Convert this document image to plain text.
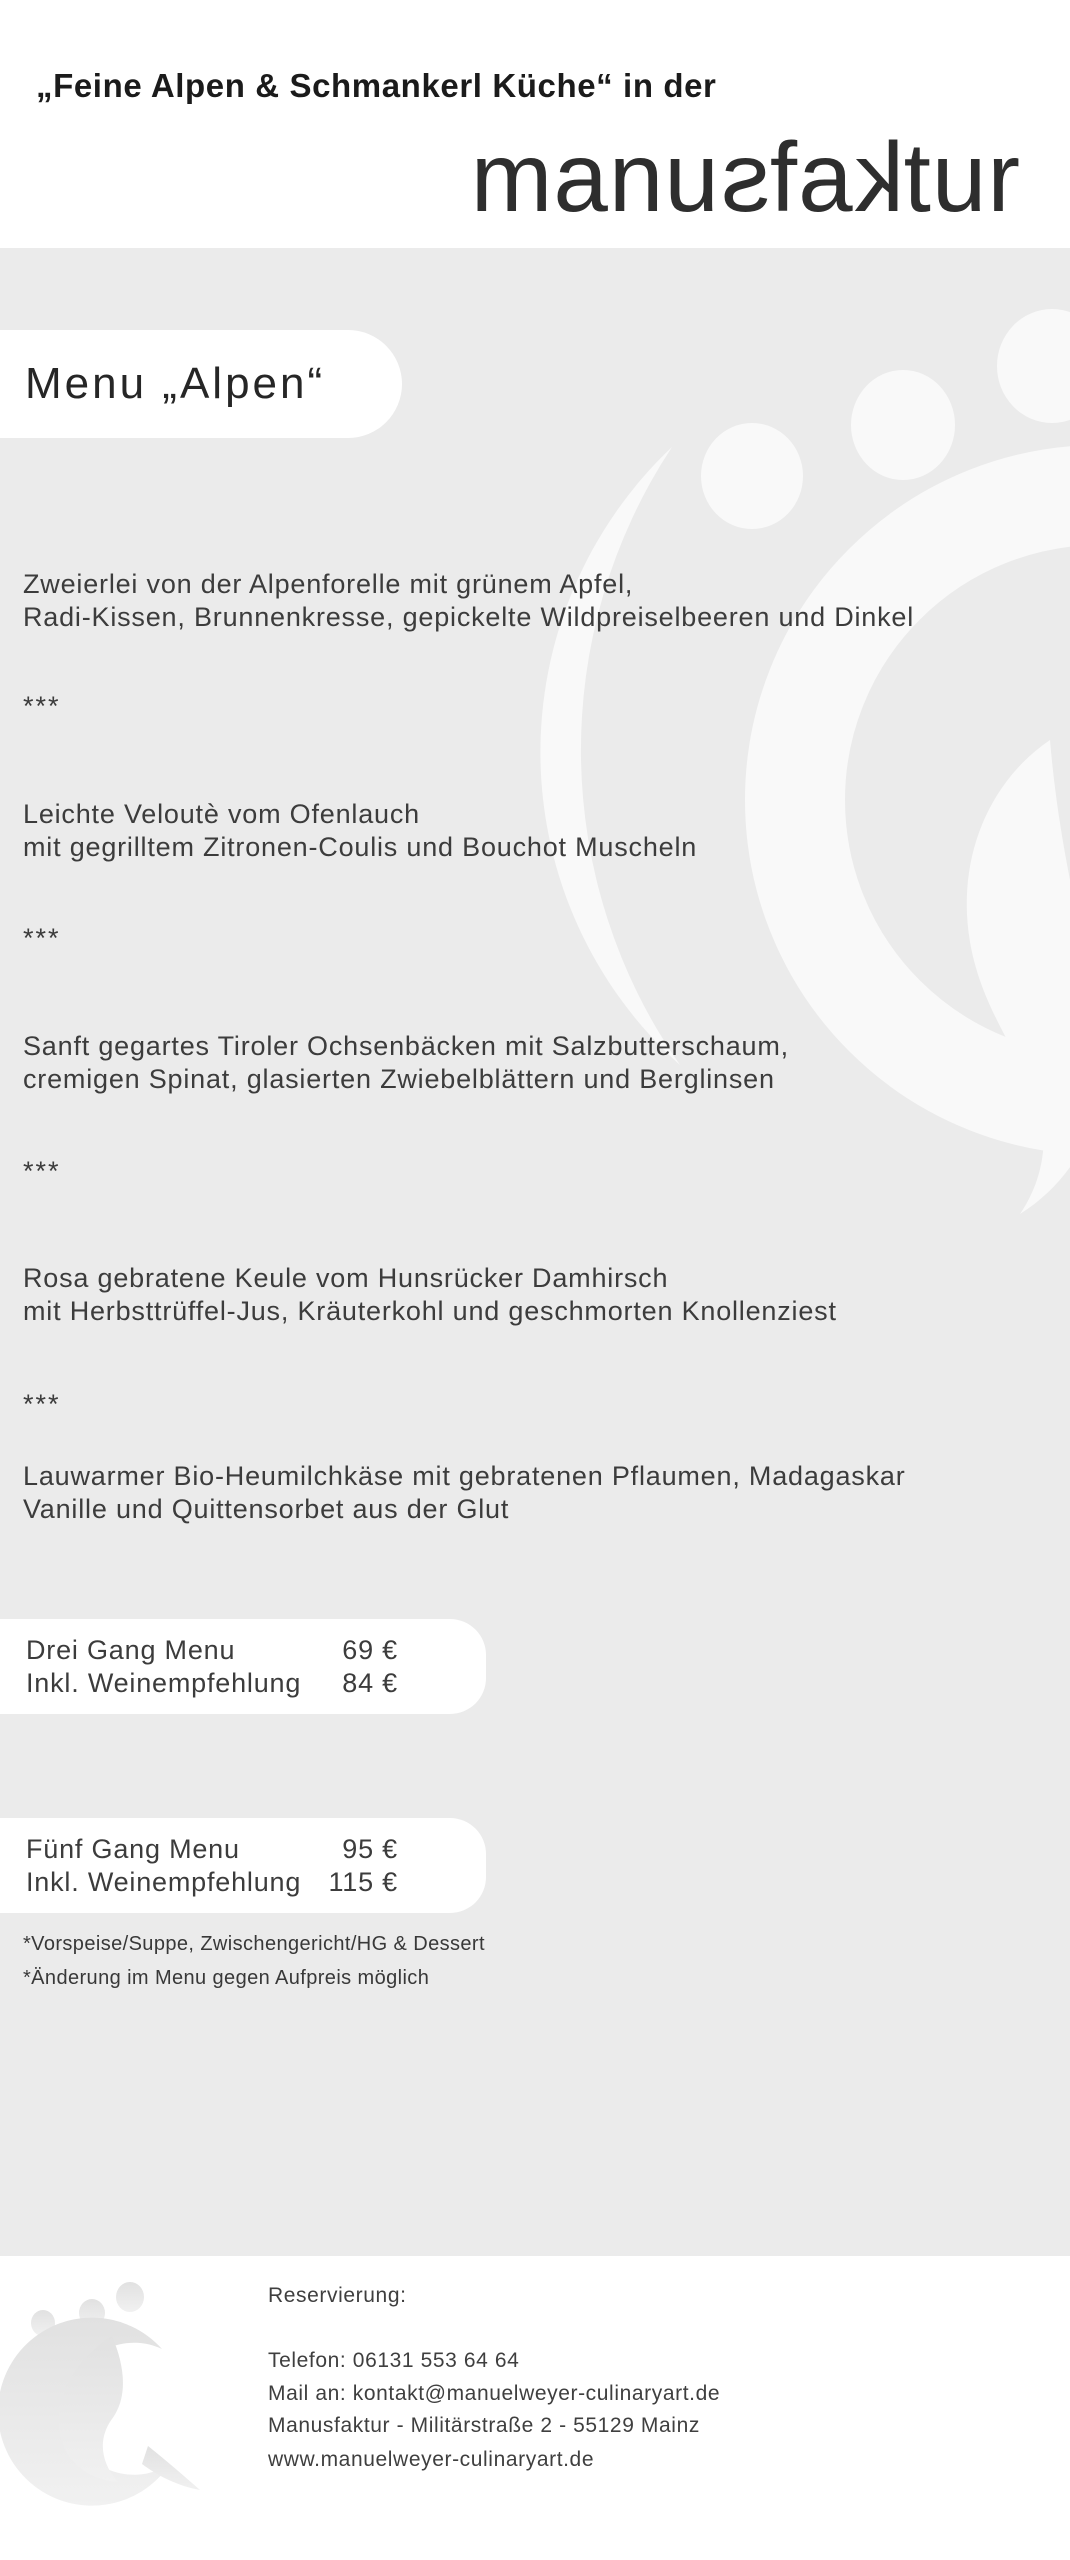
„Feine Alpen & Schmankerl Küche“ in der
manusfaktur
Menu „Alpen“
Zweierlei von der Alpenforelle mit grünem Apfel,
Radi-Kissen, Brunnenkresse, gepickelte Wildpreiselbeeren und Dinkel
***
Leichte Veloutè vom Ofenlauch
mit gegrilltem Zitronen-Coulis und Bouchot Muscheln
***
Sanft gegartes Tiroler Ochsenbäcken mit Salzbutterschaum,
cremigen Spinat, glasierten Zwiebelblättern und Berglinsen
***
Rosa gebratene Keule vom Hunsrücker Damhirsch
mit Herbsttrüffel-Jus, Kräuterkohl und geschmorten Knollenziest
***
Lauwarmer Bio-Heumilchkäse mit gebratenen Pflaumen, Madagaskar
Vanille und Quittensorbet aus der Glut
Drei Gang Menu	69 €
Inkl. Weinempfehlung 84 €
Fünf Gang Menu	95 €
Inkl. Weinempfehlung 115 €
*Vorspeise/Suppe, Zwischengericht/HG & Dessert
*Änderung im Menu gegen Aufpreis möglich
Reservierung:
Telefon: 06131 553 64 64
Mail an: kontakt@manuelweyer-culinaryart.de
Manusfaktur - Militärstraße 2 - 55129 Mainz
www.manuelweyer-culinaryart.de
